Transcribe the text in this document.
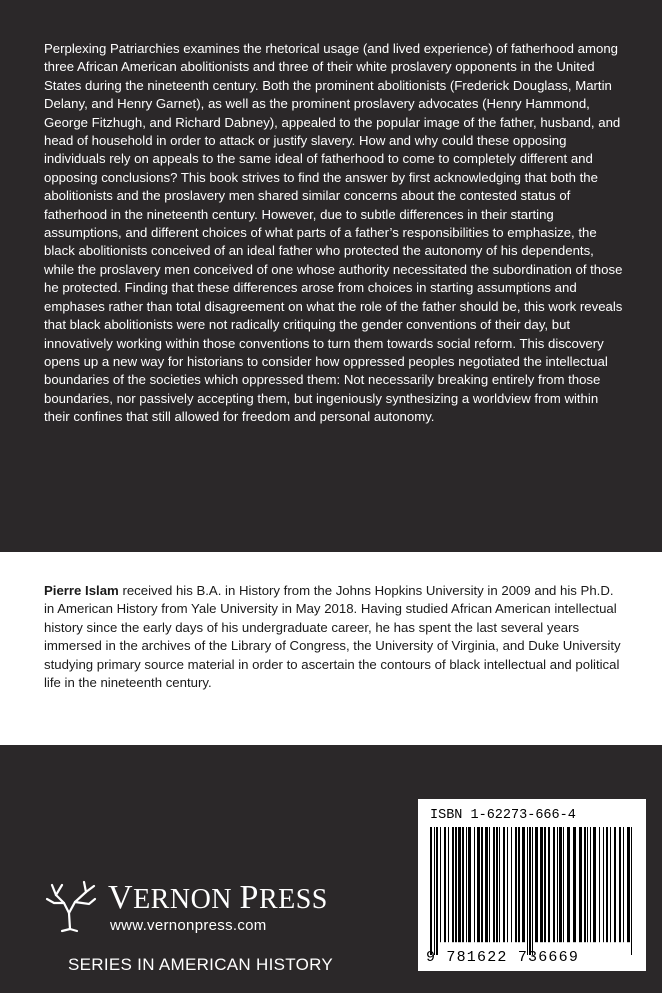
Perplexing Patriarchies examines the rhetorical usage (and lived experience) of fatherhood among three African American abolitionists and three of their white proslavery opponents in the United States during the nineteenth century. Both the prominent abolitionists (Frederick Douglass, Martin Delany, and Henry Garnet), as well as the prominent proslavery advocates (Henry Hammond, George Fitzhugh, and Richard Dabney), appealed to the popular image of the father, husband, and head of household in order to attack or justify slavery. How and why could these opposing individuals rely on appeals to the same ideal of fatherhood to come to completely different and opposing conclusions? This book strives to find the answer by first acknowledging that both the abolitionists and the proslavery men shared similar concerns about the contested status of fatherhood in the nineteenth century. However, due to subtle differences in their starting assumptions, and different choices of what parts of a father’s responsibilities to emphasize, the black abolitionists conceived of an ideal father who protected the autonomy of his dependents, while the proslavery men conceived of one whose authority necessitated the subordination of those he protected. Finding that these differences arose from choices in starting assumptions and emphases rather than total disagreement on what the role of the father should be, this work reveals that black abolitionists were not radically critiquing the gender conventions of their day, but innovatively working within those conventions to turn them towards social reform. This discovery opens up a new way for historians to consider how oppressed peoples negotiated the intellectual boundaries of the societies which oppressed them: Not necessarily breaking entirely from those boundaries, nor passively accepting them, but ingeniously synthesizing a worldview from within their confines that still allowed for freedom and personal autonomy.

Pierre Islam received his B.A. in History from the Johns Hopkins University in 2009 and his Ph.D. in American History from Yale University in May 2018. Having studied African American intellectual history since the early days of his undergraduate career, he has spent the last several years immersed in the archives of the Library of Congress, the University of Virginia, and Duke University studying primary source material in order to ascertain the contours of black intellectual and political life in the nineteenth century.

VERNON PRESS
www.vernonpress.com
SERIES IN AMERICAN HISTORY
ISBN 1-62273-666-4
9 781622 736669
